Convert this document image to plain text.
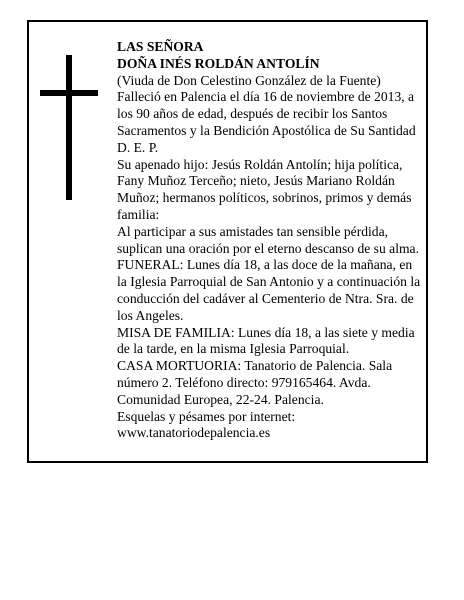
LAS SEÑORA

DOÑA INÉS ROLDÁN ANTOLÍN

(Viuda de Don Celestino González de la Fuente)

Falleció en Palencia el día 16 de noviembre de 2013, a los 90 años de edad, después de recibir los Santos Sacramentos y la Bendición Apostólica de Su Santidad D. E. P.

Su apenado hijo: Jesús Roldán Antolín; hija política, Fany Muñoz Terceño; nieto, Jesús Mariano Roldán Muñoz; hermanos políticos, sobrinos, primos y demás familia:

Al participar a sus amistades tan sensible pérdida, suplican una oración por el eterno descanso de su alma.

FUNERAL: Lunes día 18, a las doce de la mañana, en la Iglesia Parroquial de San Antonio y a continuación la conducción del cadáver al Cementerio de Ntra. Sra. de los Angeles.

MISA DE FAMILIA: Lunes día 18, a las siete y media de la tarde, en la misma Iglesia Parroquial.

CASA MORTUORIA: Tanatorio de Palencia. Sala número 2. Teléfono directo: 979165464. Avda. Comunidad Europea, 22-24. Palencia.

Esquelas y pésames por internet:

www.tanatoriodepalencia.es
